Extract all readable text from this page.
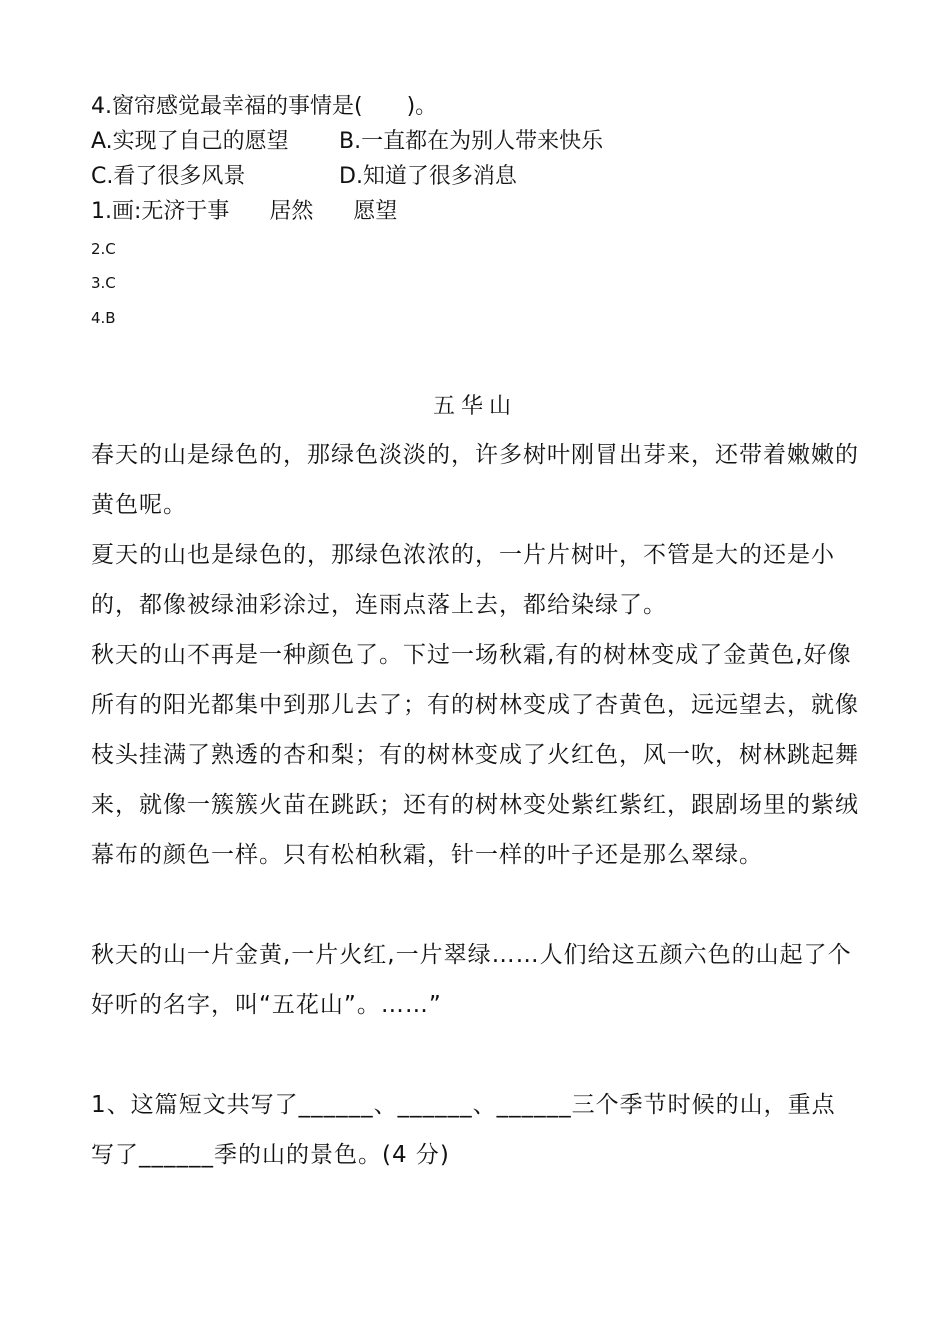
4.窗帘感觉最幸福的事情是(　　)。
A.实现了自己的愿望 B.一直都在为别人带来快乐
C.看了很多风景	D.知道了很多消息
1.画:无济于事 居然 愿望
2.C
3.C
4.B
五华山
春天的山是绿色的，那绿色淡淡的，许多树叶刚冒出芽来，还带着嫩嫩的黄色呢。
夏天的山也是绿色的，那绿色浓浓的，一片片树叶，不管是大的还是小的，都像被绿油彩涂过，连雨点落上去，都给染绿了。
秋天的山不再是一种颜色了。下过一场秋霜,有的树林变成了金黄色,好像所有的阳光都集中到那儿去了；有的树林变成了杏黄色，远远望去，就像枝头挂满了熟透的杏和梨；有的树林变成了火红色，风一吹，树林跳起舞来，就像一簇簇火苗在跳跃；还有的树林变处紫红紫红，跟剧场里的紫绒幕布的颜色一样。只有松柏秋霜，针一样的叶子还是那么翠绿。
秋天的山一片金黄,一片火红,一片翠绿……人们给这五颜六色的山起了个好听的名字，叫“五花山”。……”
1、这篇短文共写了______、______、______三个季节时候的山，重点 写了______季的山的景色。(4 分)
